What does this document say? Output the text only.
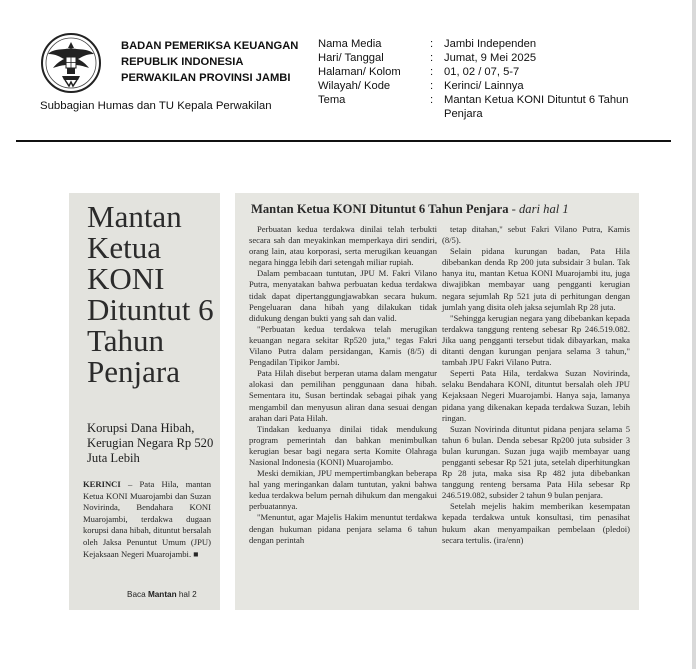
BADAN PEMERIKSA KEUANGAN
REPUBLIK INDONESIA
PERWAKILAN PROVINSI JAMBI
Subbagian Humas dan TU Kepala Perwakilan
Nama Media	: Jambi Independen
Hari/ Tanggal	: Jumat, 9 Mei 2025
Halaman/ Kolom	: 01, 02 / 07, 5-7
Wilayah/ Kode	: Kerinci/ Lainnya
Tema	: Mantan Ketua KONI Dituntut 6 Tahun Penjara
Mantan Ketua KONI Dituntut 6 Tahun Penjara
Korupsi Dana Hibah, Kerugian Negara Rp 520 Juta Lebih
KERINCI – Pata Hila, mantan Ketua KONI Muarojambi dan Suzan Novirinda, Bendahara KONI Muarojambi, terdakwa dugaan korupsi dana hibah, dituntut bersalah oleh Jaksa Penuntut Umum (JPU) Kejaksaan Negeri Muarojambi. ■
Baca Mantan hal 2
Mantan Ketua KONI Dituntut 6 Tahun Penjara - dari hal 1

Perbuatan kedua terdakwa dinilai telah terbukti secara sah dan meyakinkan memperkaya diri sendiri, orang lain, atau korporasi, serta merugikan keuangan negara hingga lebih dari setengah miliar rupiah.

Dalam pembacaan tuntutan, JPU M. Fakri Vilano Putra, menyatakan bahwa perbuatan kedua terdakwa tidak dapat dipertanggungjawabkan secara hukum. Pengeluaran dana hibah yang dilakukan tidak didukung dengan bukti yang sah dan valid.

"Perbuatan kedua terdakwa telah merugikan keuangan negara sekitar Rp520 juta," tegas Fakri Vilano Putra dalam persidangan, Kamis (8/5) di Pengadilan Tipikor Jambi.

Pata Hilah disebut berperan utama dalam mengatur alokasi dan pemilihan penggunaan dana hibah. Sementara itu, Susan bertindak sebagai pihak yang mengambil dan menyusun aliran dana sesuai dengan arahan dari Pata Hilah.

Tindakan keduanya dinilai tidak mendukung program pemerintah dan bahkan menimbulkan kerugian besar bagi negara serta Komite Olahraga Nasional Indonesia (KONI) Muarojambo.

Meski demikian, JPU mempertimbangkan beberapa hal yang meringankan dalam tuntutan, yakni bahwa kedua terdakwa belum pernah dihukum dan mengakui perbuatannya.

"Menuntut, agar Majelis Hakim menuntut terdakwa dengan hukuman pidana penjara selama 6 tahun dengan perintah

tetap ditahan," sebut Fakri Vilano Putra, Kamis (8/5).

Selain pidana kurungan badan, Pata Hila dibebankan denda Rp 200 juta subsidair 3 bulan. Tak hanya itu, mantan Ketua KONI Muarojambi itu, juga diwajibkan membayar uang pengganti kerugian negara sejumlah Rp 521 juta di perhitungan dengan jumlah yang disita oleh jaksa sejumlah Rp 28 juta.

"Sehingga kerugian negara yang dibebankan kepada terdakwa tanggung renteng sebesar Rp 246.519.082. Jika uang pengganti tersebut tidak dibayarkan, maka ditanti dengan kurungan penjara selama 3 tahun," tambah JPU Fakri Vilano Putra.

Seperti Pata Hila, terdakwa Suzan Novirinda, selaku Bendahara KONI, dituntut bersalah oleh JPU Kejaksaan Negeri Muarojambi. Hanya saja, lamanya pidana yang dikenakan kepada terdakwa Suzan, lebih ringan.

Suzan Novirinda dituntut pidana penjara selama 5 tahun 6 bulan. Denda sebesar Rp200 juta subsider 3 bulan kurungan. Suzan juga wajib membayar uang pengganti sebesar Rp 521 juta, setelah diperhitungkan Rp 28 juta, maka sisa Rp 482 juta dibebankan tanggung renteng bersama Pata Hila sebesar Rp 246.519.082, subsider 2 tahun 9 bulan penjara.

Setelah mejelis hakim memberikan kesempatan kepada terdakwa untuk konsultasi, tim penasihat hukum akan menyampaikan pembelaan (pledoi) secara tertulis. (ira/enn)
